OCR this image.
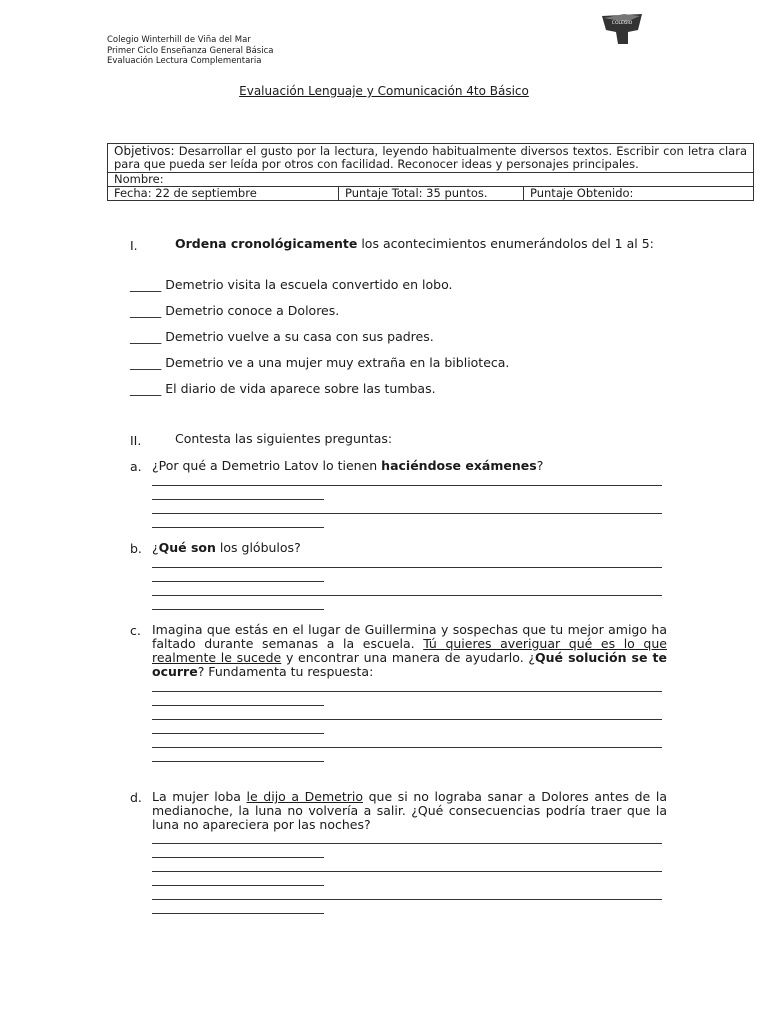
Colegio Winterhill de Viña del Mar
Primer Ciclo Enseñanza General Básica
Evaluación Lectura Complementaria
COLEGIO
Evaluación Lenguaje y Comunicación 4to Básico
Objetivos: Desarrollar el gusto por la lectura, leyendo habitualmente diversos textos. Escribir con letra clara para que pueda ser leída por otros con facilidad. Reconocer ideas y personajes principales.
Nombre:
Fecha: 22 de septiembre	Puntaje Total: 35 puntos.	Puntaje Obtenido:
I.	Ordena cronológicamente los acontecimientos enumerándolos del 1 al 5:
_____ Demetrio visita la escuela convertido en lobo.
_____ Demetrio conoce a Dolores.
_____ Demetrio vuelve a su casa con sus padres.
_____ Demetrio ve a una mujer muy extraña en la biblioteca.
_____ El diario de vida aparece sobre las tumbas.
II.	Contesta las siguientes preguntas:
a. ¿Por qué a Demetrio Latov lo tienen haciéndose exámenes?
b. ¿Qué son los glóbulos?
c. Imagina que estás en el lugar de Guillermina y sospechas que tu mejor amigo ha faltado durante semanas a la escuela. Tú quieres averiguar qué es lo que realmente le sucede y encontrar una manera de ayudarlo. ¿Qué solución se te ocurre? Fundamenta tu respuesta:
d. La mujer loba le dijo a Demetrio que si no lograba sanar a Dolores antes de la medianoche, la luna no volvería a salir. ¿Qué consecuencias podría traer que la luna no apareciera por las noches?
